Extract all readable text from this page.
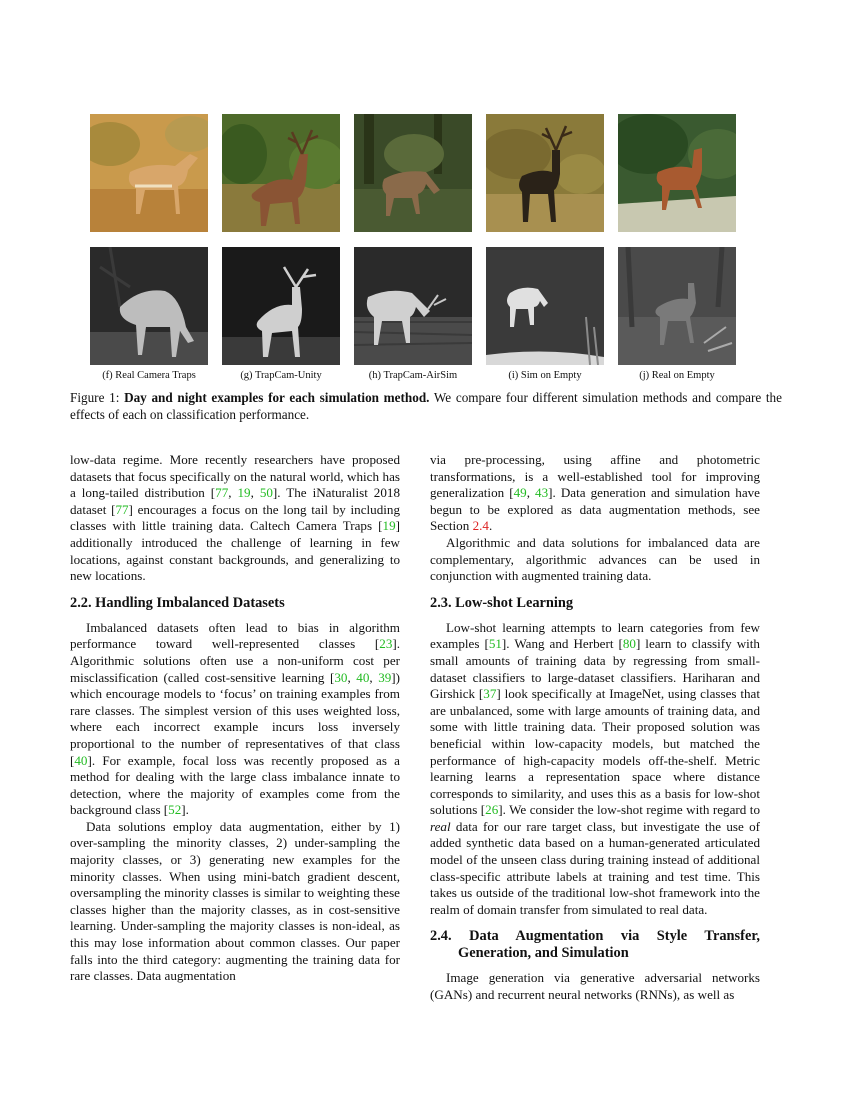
(f) Real Camera Traps	(g) TrapCam-Unity	(h) TrapCam-AirSim	(i) Sim on Empty	(j) Real on Empty
Figure 1: Day and night examples for each simulation method. We compare four different simulation methods and compare the effects of each on classification performance.

low-data regime. More recently researchers have proposed datasets that focus specifically on the natural world, which has a long-tailed distribution [77, 19, 50]. The iNaturalist 2018 dataset [77] encourages a focus on the long tail by including classes with little training data. Caltech Camera Traps [19] additionally introduced the challenge of learning in few locations, against constant backgrounds, and generalizing to new locations.

2.2. Handling Imbalanced Datasets

Imbalanced datasets often lead to bias in algorithm performance toward well-represented classes [23]. Algorithmic solutions often use a non-uniform cost per misclassification (called cost-sensitive learning [30, 40, 39]) which encourage models to ‘focus’ on training examples from rare classes. The simplest version of this uses weighted loss, where each incorrect example incurs loss inversely proportional to the number of representatives of that class [40]. For example, focal loss was recently proposed as a method for dealing with the large class imbalance innate to detection, where the majority of examples come from the background class [52].

Data solutions employ data augmentation, either by 1) over-sampling the minority classes, 2) under-sampling the majority classes, or 3) generating new examples for the minority classes. When using mini-batch gradient descent, oversampling the minority classes is similar to weighting these classes higher than the majority classes, as in cost-sensitive learning. Under-sampling the majority classes is non-ideal, as this may lose information about common classes. Our paper falls into the third category: augmenting the training data for rare classes. Data augmentation

via pre-processing, using affine and photometric transformations, is a well-established tool for improving generalization [49, 43]. Data generation and simulation have begun to be explored as data augmentation methods, see Section 2.4.

Algorithmic and data solutions for imbalanced data are complementary, algorithmic advances can be used in conjunction with augmented training data.

2.3. Low-shot Learning

Low-shot learning attempts to learn categories from few examples [51]. Wang and Herbert [80] learn to classify with small amounts of training data by regressing from small-dataset classifiers to large-dataset classifiers. Hariharan and Girshick [37] look specifically at ImageNet, using classes that are unbalanced, some with large amounts of training data, and some with little training data. Their proposed solution was beneficial within low-capacity models, but matched the performance of high-capacity models off-the-shelf. Metric learning learns a representation space where distance corresponds to similarity, and uses this as a basis for low-shot solutions [26]. We consider the low-shot regime with regard to real data for our rare target class, but investigate the use of added synthetic data based on a human-generated articulated model of the unseen class during training instead of additional class-specific attribute labels at training and test time. This takes us outside of the traditional low-shot framework into the realm of domain transfer from simulated to real data.

2.4. Data Augmentation via Style Transfer, Generation, and Simulation

Image generation via generative adversarial networks (GANs) and recurrent neural networks (RNNs), as well as
